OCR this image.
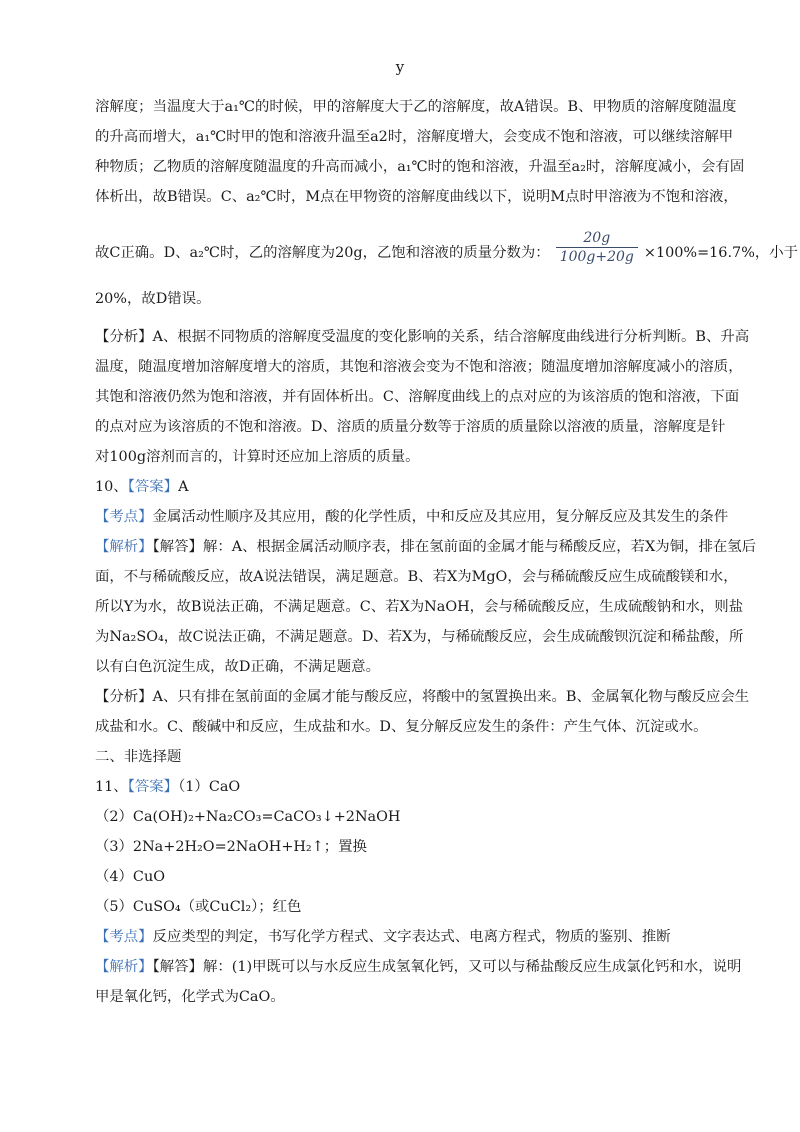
y

溶解度；当温度大于a₁℃的时候，甲的溶解度大于乙的溶解度，故A错误。B、甲物质的溶解度随温度

的升高而增大，a₁℃时甲的饱和溶液升温至a2时，溶解度增大，会变成不饱和溶液，可以继续溶解甲

种物质；乙物质的溶解度随温度的升高而减小，a₁℃时的饱和溶液，升温至a₂时，溶解度减小，会有固

体析出，故B错误。C、a₂℃时，M点在甲物资的溶解度曲线以下，说明M点时甲溶液为不饱和溶液，

故C正确。D、a₂℃时，乙的溶解度为20g，乙饱和溶液的质量分数为： $\frac{20g}{100g+20g} \times 100\%=16.7\%$，小于

20%，故D错误。

【分析】A、根据不同物质的溶解度受温度的变化影响的关系，结合溶解度曲线进行分析判断。B、升高

温度，随温度增加溶解度增大的溶质，其饱和溶液会变为不饱和溶液；随温度增加溶解度减小的溶质，

其饱和溶液仍然为饱和溶液，并有固体析出。C、溶解度曲线上的点对应的为该溶质的饱和溶液，下面

的点对应为该溶质的不饱和溶液。D、溶质的质量分数等于溶质的质量除以溶液的质量，溶解度是针

对100g溶剂而言的，计算时还应加上溶质的质量。

10、【答案】A

【考点】金属活动性顺序及其应用，酸的化学性质，中和反应及其应用，复分解反应及其发生的条件

【解析】【解答】解：A、根据金属活动顺序表，排在氢前面的金属才能与稀酸反应，若X为铜，排在氢后

面，不与稀硫酸反应，故A说法错误，满足题意。B、若X为MgO，会与稀硫酸反应生成硫酸镁和水，

所以Y为水，故B说法正确，不满足题意。C、若X为NaOH，会与稀硫酸反应，生成硫酸钠和水，则盐

为Na₂SO₄，故C说法正确，不满足题意。D、若X为，与稀硫酸反应，会生成硫酸钡沉淀和稀盐酸，所

以有白色沉淀生成，故D正确，不满足题意。

【分析】A、只有排在氢前面的金属才能与酸反应，将酸中的氢置换出来。B、金属氧化物与酸反应会生

成盐和水。C、酸碱中和反应，生成盐和水。D、复分解反应发生的条件：产生气体、沉淀或水。

二、非选择题

11、【答案】（1）CaO

（2）Ca(OH)₂+Na₂CO₃=CaCO₃↓+2NaOH

（3）2Na+2H₂O=2NaOH+H₂↑；置换

（4）CuO

（5）CuSO₄（或CuCl₂）；红色

【考点】反应类型的判定，书写化学方程式、文字表达式、电离方程式，物质的鉴别、推断

【解析】【解答】解：(1)甲既可以与水反应生成氢氧化钙，又可以与稀盐酸反应生成氯化钙和水，说明

甲是氧化钙，化学式为CaO。
